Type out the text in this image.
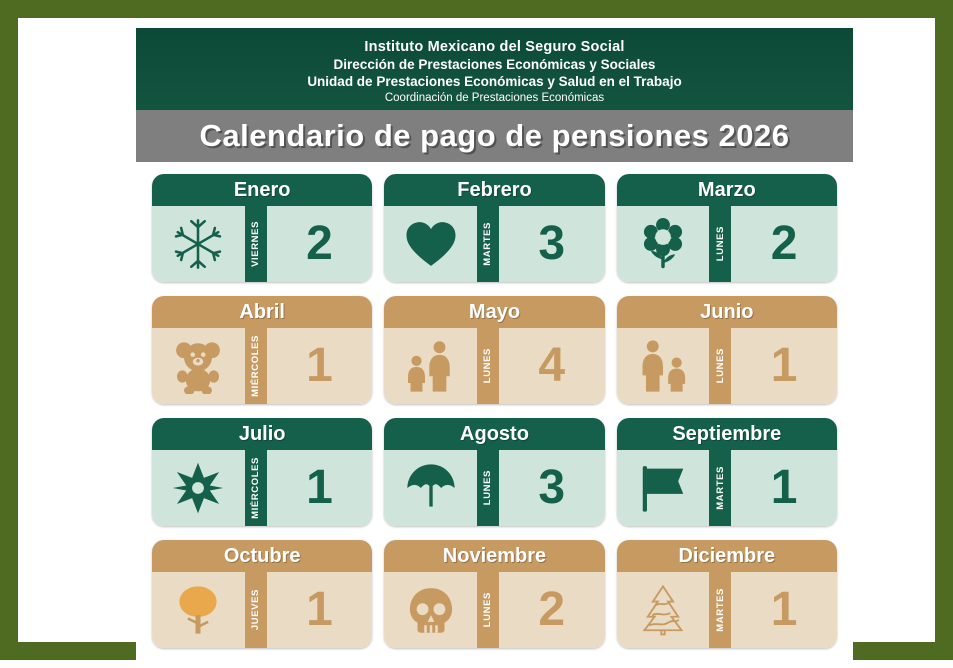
Instituto Mexicano del Seguro Social
Dirección de Prestaciones Económicas y Sociales
Unidad de Prestaciones Económicas y Salud en el Trabajo
Coordinación de Prestaciones Económicas
Calendario de pago de pensiones 2026
Enero
VIERNES 2
Febrero
MARTES 3
Marzo
LUNES 2
Abril
MIÉRCOLES 1
Mayo
LUNES 4
Junio
LUNES 1
Julio
MIÉRCOLES 1
Agosto
LUNES 3
Septiembre
MARTES 1
Octubre
JUEVES 1
Noviembre
LUNES 2
Diciembre
MARTES 1
